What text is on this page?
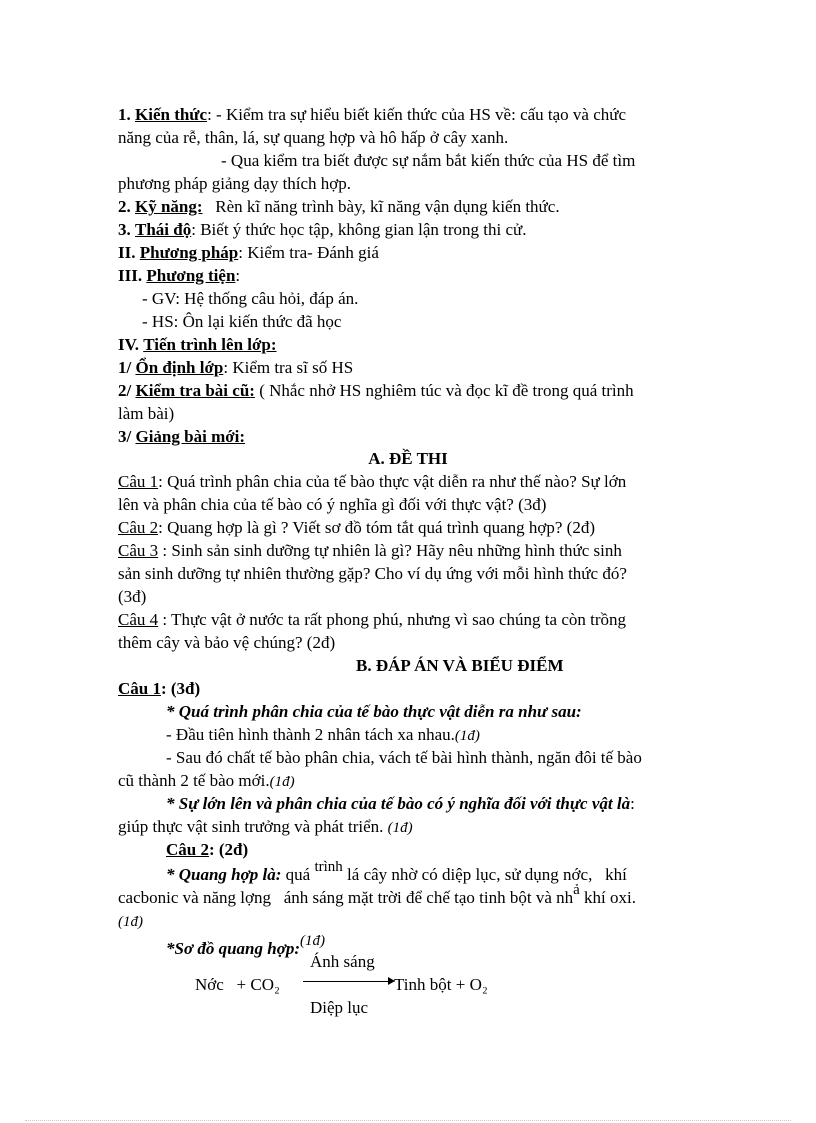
1. Kiến thức: - Kiểm tra sự hiểu biết kiến thức của HS về: cấu tạo và chức
năng của rễ, thân, lá, sự quang hợp và hô hấp ở cây xanh.
- Qua kiểm tra biết được sự nắm bắt kiến thức của HS để tìm
phương pháp giảng dạy thích hợp.
2. Kỹ năng:   Rèn kĩ năng trình bày, kĩ năng vận dụng kiến thức.
3. Thái độ: Biết ý thức học tập, không gian lận trong thi cử.
II. Phương pháp: Kiểm tra- Đánh giá
III. Phương tiện:
- GV: Hệ thống câu hỏi, đáp án.
- HS: Ôn lại kiến thức đã học
IV. Tiến trình lên lớp:
1/ Ổn định lớp: Kiểm tra sĩ số HS
2/ Kiểm tra bài cũ: ( Nhắc nhở HS nghiêm túc và đọc kĩ đề trong quá trình
làm bài)
3/ Giảng bài mới:
A. ĐỀ THI
Câu 1: Quá trình phân chia của tế bào thực vật diễn ra như thế nào? Sự lớn
lên và phân chia của tế bào có ý nghĩa gì đối với thực vật? (3đ)
Câu 2: Quang hợp là gì ? Viết sơ đồ tóm tắt quá trình quang hợp? (2đ)
Câu 3 : Sinh sản sinh dưỡng tự nhiên là gì? Hãy nêu những hình thức sinh
sản sinh dưỡng tự nhiên thường gặp? Cho ví dụ ứng với mỗi hình thức đó?
(3đ)
Câu 4 : Thực vật ở nước ta rất phong phú, nhưng vì sao chúng ta còn trồng
thêm cây và bảo vệ chúng? (2đ)
B. ĐÁP ÁN VÀ BIỂU ĐIỂM
Câu 1: (3đ)
* Quá trình phân chia của tế bào thực vật diễn ra như sau:
- Đầu tiên hình thành 2 nhân tách xa nhau.(1đ)
- Sau đó chất tế bào phân chia, vách tế bài hình thành, ngăn đôi tế bào
cũ thành 2 tế bào mới.(1đ)
* Sự lớn lên và phân chia của tế bào có ý nghĩa đối với thực vật là:
giúp thực vật sinh trưởng và phát triển. (1đ)
Câu 2: (2đ)
* Quang hợp là: quá trình lá cây nhờ có diệp lục, sử dụng nớc,   khí
cacbonic và năng lợng   ánh sáng mặt trời để chế tạo tinh bột và nhả khí oxi.
(1đ)
*Sơ đồ quang hợp:(1đ)
Ánh sáng
Nớc   + CO₂	Tinh bột + O₂
Diệp lục
